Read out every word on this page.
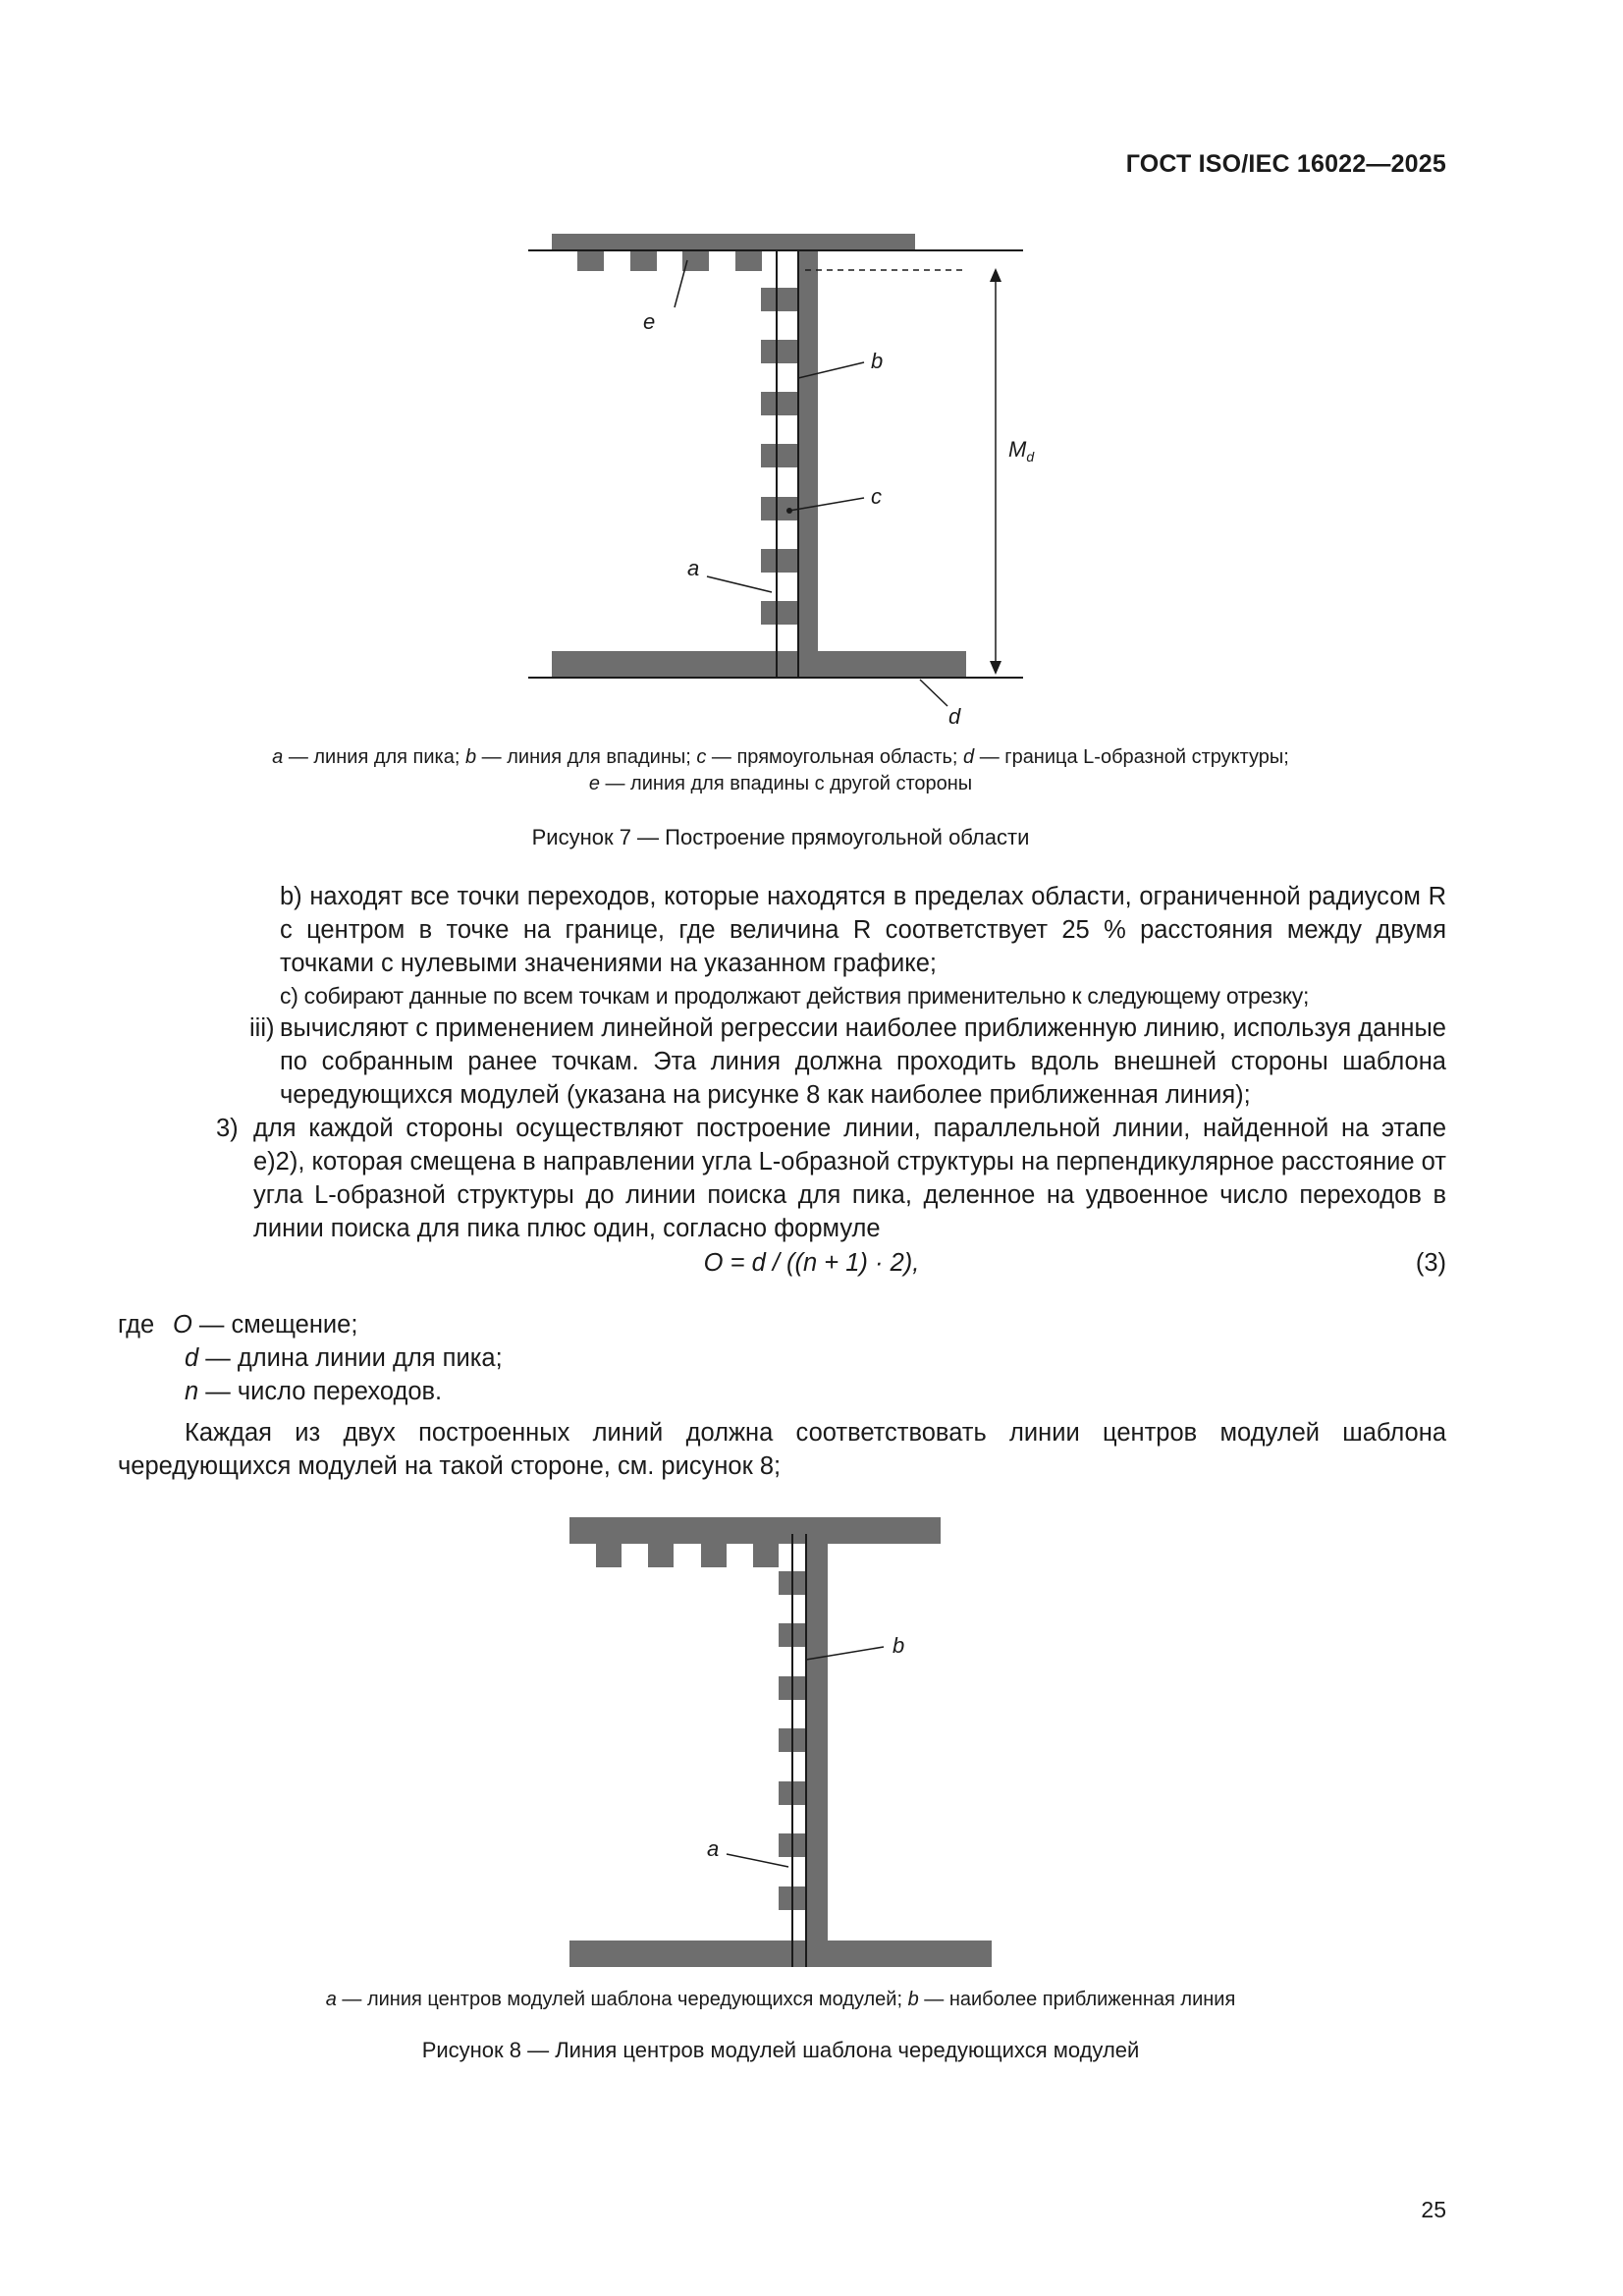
ГОСТ ISO/IEC 16022—2025
e
b
c
a
d
$M_d$
a — линия для пика; b — линия для впадины; c — прямоугольная область; d — граница L-образной структуры;
e — линия для впадины с другой стороны
Рисунок 7 — Построение прямоугольной области
b) находят все точки переходов, которые находятся в пределах области, ограниченной радиусом R с центром в точке на границе, где величина R соответствует 25 % расстояния между двумя точками с нулевыми значениями на указанном графике;
c) собирают данные по всем точкам и продолжают действия применительно к следующему отрезку;
iii) вычисляют с применением линейной регрессии наиболее приближенную линию, используя данные по собранным ранее точкам. Эта линия должна проходить вдоль внешней стороны шаблона чередующихся модулей (указана на рисунке 8 как наиболее приближенная линия);
3) для каждой стороны осуществляют построение линии, параллельной линии, найденной на этапе e)2), которая смещена в направлении угла L-образной структуры на перпендикулярное расстояние от угла L-образной структуры до линии поиска для пика, деленное на удвоенное число переходов в линии поиска для пика плюс один, согласно формуле
O = d / ((n + 1) · 2),	(3)
где O — смещение;
d — длина линии для пика;
n — число переходов.
Каждая из двух построенных линий должна соответствовать линии центров модулей шаблона чередующихся модулей на такой стороне, см. рисунок 8;
b
a
a — линия центров модулей шаблона чередующихся модулей; b — наиболее приближенная линия
Рисунок 8 — Линия центров модулей шаблона чередующихся модулей
25
